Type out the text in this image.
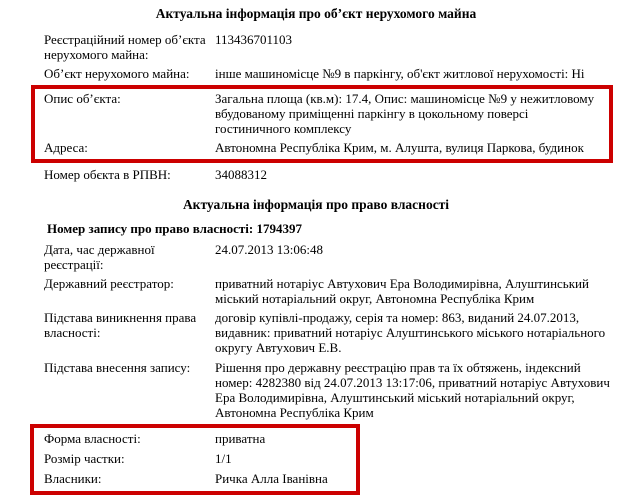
Актуальна інформація про об’єкт нерухомого майна
Реєстраційний номер об’єкта нерухомого майна:
113436701103
Об’єкт нерухомого майна:	інше машиномісце №9 в паркінгу, об'єкт житлової нерухомості: Ні
Опис об’єкта:	Загальна площа (кв.м): 17.4, Опис: машиномісце №9 у нежитловому вбудованому приміщенні паркінгу в цокольному поверсі гостиничного комплексу
Адреса:	Автономна Республіка Крим, м. Алушта, вулиця Паркова, будинок
Номер обєкта в РПВН:	34088312
Актуальна інформація про право власності
Номер запису про право власності: 1794397
Дата, час державної реєстрації:
24.07.2013 13:06:48
Державний реєстратор:	приватний нотаріус Автухович Ера Володимирівна, Алуштинський міський нотаріальний округ, Автономна Республіка Крим
Підстава виникнення права власності:
договір купівлі-продажу, серія та номер: 863, виданий 24.07.2013, видавник: приватний нотаріус Алуштинського міського нотаріального округу Автухович Е.В.
Підстава внесення запису:	Рішення про державну реєстрацію прав та їх обтяжень, індексний номер: 4282380 від 24.07.2013 13:17:06, приватний нотаріус Автухович Ера Володимирівна, Алуштинський міський нотаріальний округ, Автономна Республіка Крим
Форма власності:	приватна
Розмір частки:	1/1
Власники:	Ричка Алла Іванівна
